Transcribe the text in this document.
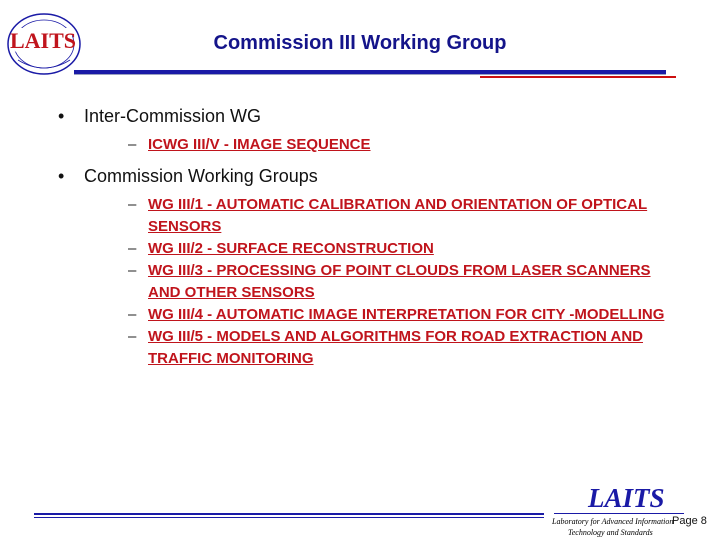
LAITS	Commission III Working Group
• Inter-Commission WG
– ICWG III/V - IMAGE SEQUENCE
• Commission Working Groups
– WG III/1 - AUTOMATIC CALIBRATION AND ORIENTATION OF OPTICAL SENSORS
– WG III/2 - SURFACE RECONSTRUCTION
– WG III/3 - PROCESSING OF POINT CLOUDS FROM LASER SCANNERS AND OTHER SENSORS
– WG III/4 - AUTOMATIC IMAGE INTERPRETATION FOR CITY -MODELLING
– WG III/5 - MODELS AND ALGORITHMS FOR ROAD EXTRACTION AND TRAFFIC MONITORING
LAITS
Laboratory for Advanced Information
Technology and Standards
Page 8
